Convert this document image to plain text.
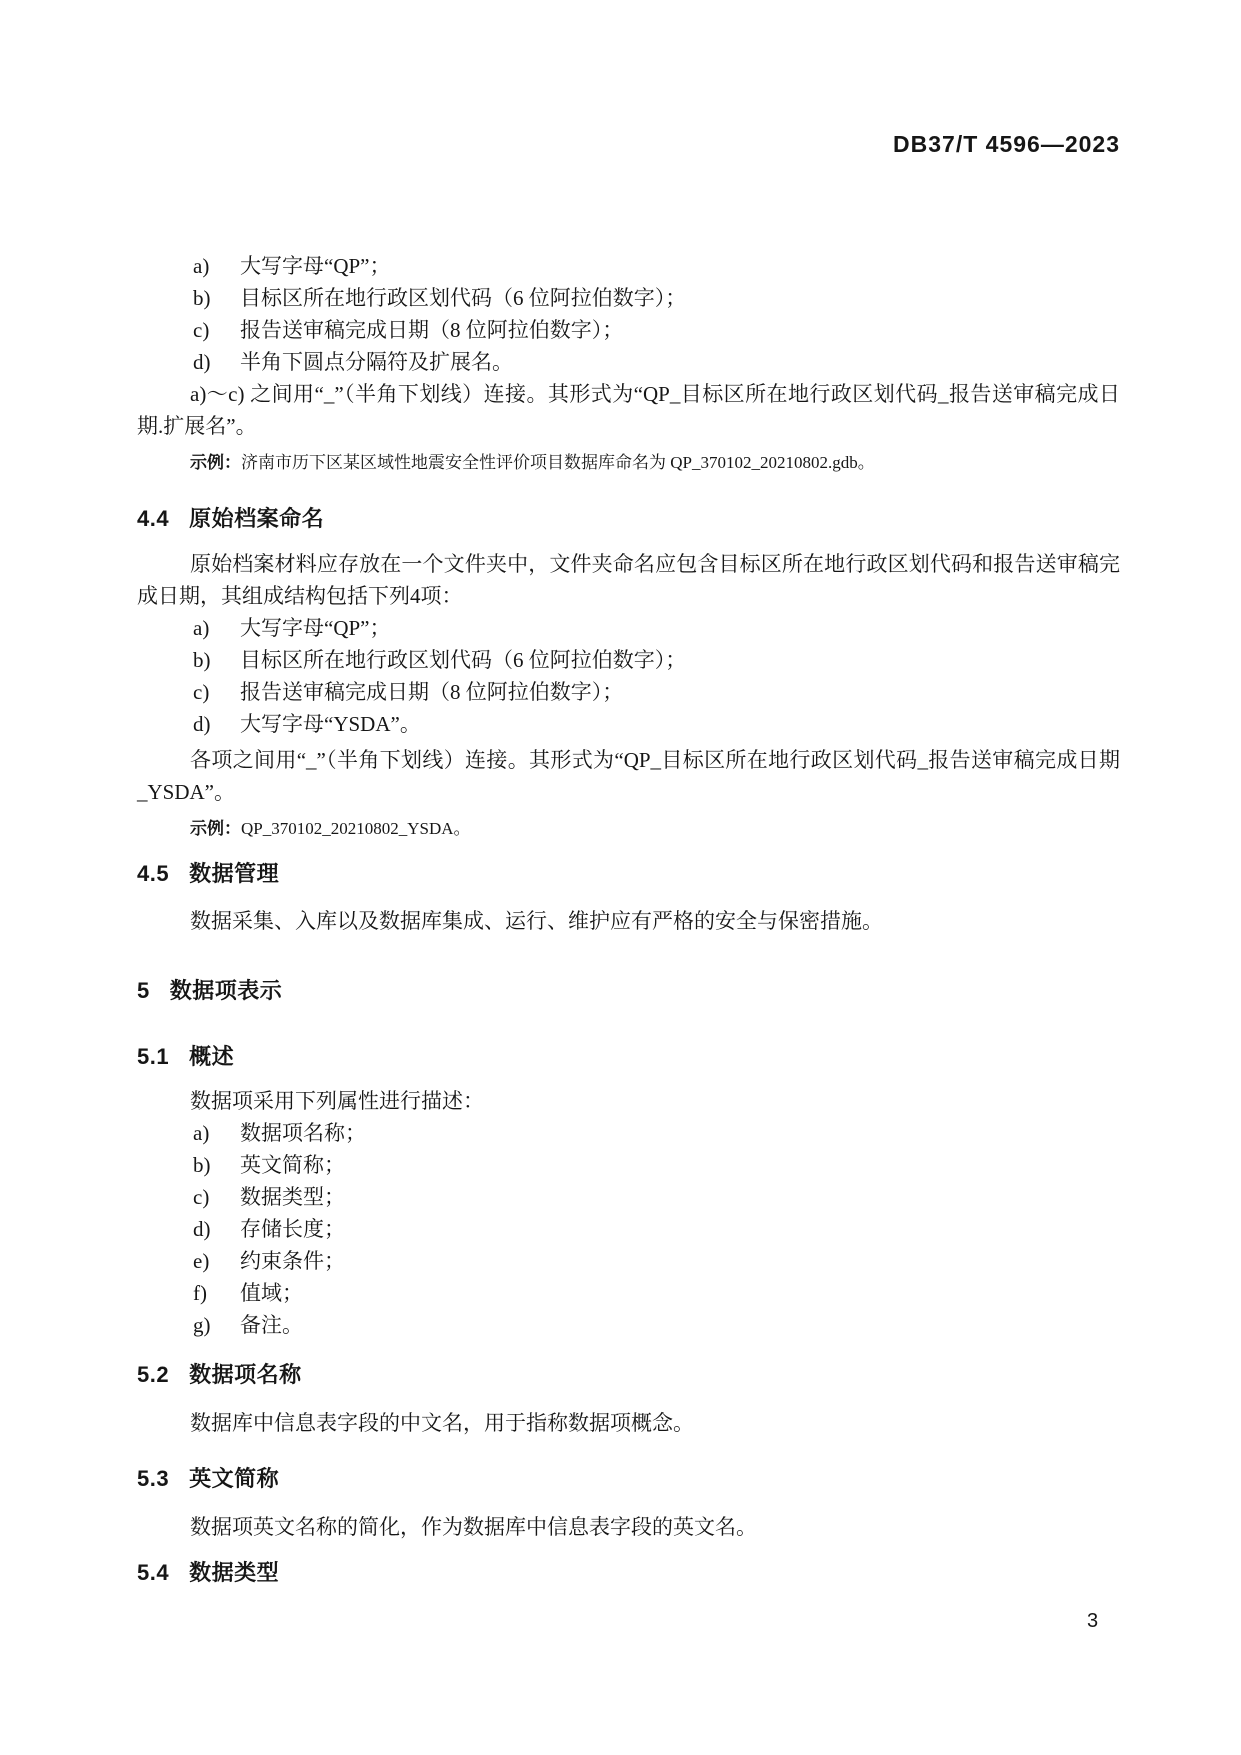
DB37/T 4596—2023
a)	大写字母“QP”；
b)	目标区所在地行政区划代码（6 位阿拉伯数字）；
c)	报告送审稿完成日期（8 位阿拉伯数字）；
d)	半角下圆点分隔符及扩展名。
a)～c) 之间用“_”（半角下划线）连接。其形式为“QP_目标区所在地行政区划代码_报告送审稿完成日期.扩展名”。
示例： 济南市历下区某区域性地震安全性评价项目数据库命名为 QP_370102_20210802.gdb。
4.4 原始档案命名
原始档案材料应存放在一个文件夹中，文件夹命名应包含目标区所在地行政区划代码和报告送审稿完成日期，其组成结构包括下列4项：
a)	大写字母“QP”；
b)	目标区所在地行政区划代码（6 位阿拉伯数字）；
c)	报告送审稿完成日期（8 位阿拉伯数字）；
d)	大写字母“YSDA”。
各项之间用“_”（半角下划线）连接。其形式为“QP_目标区所在地行政区划代码_报告送审稿完成日期_YSDA”。
示例： QP_370102_20210802_YSDA。
4.5 数据管理
数据采集、入库以及数据库集成、运行、维护应有严格的安全与保密措施。
5 数据项表示
5.1 概述
数据项采用下列属性进行描述：
a)	数据项名称；
b)	英文简称；
c)	数据类型；
d)	存储长度；
e)	约束条件；
f)	值域；
g)	备注。
5.2 数据项名称
数据库中信息表字段的中文名，用于指称数据项概念。
5.3 英文简称
数据项英文名称的简化，作为数据库中信息表字段的英文名。
5.4 数据类型
3
